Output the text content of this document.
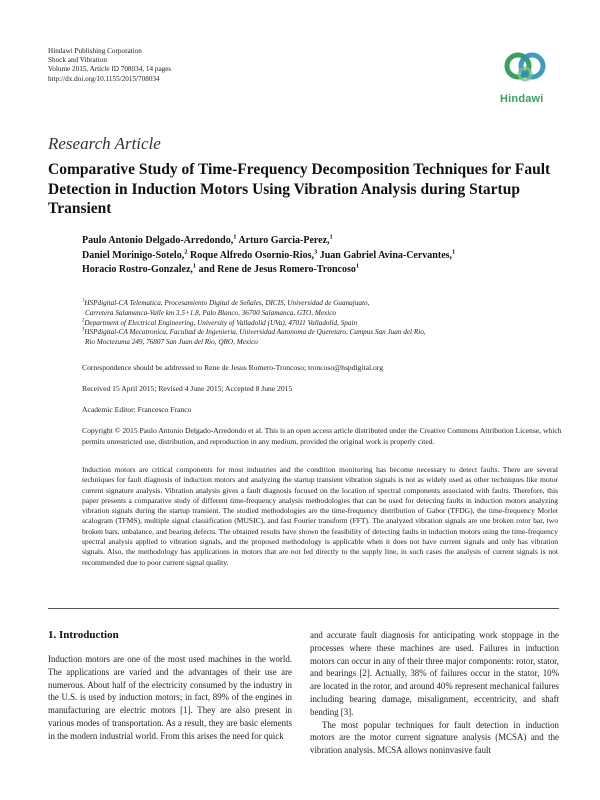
Hindawi Publishing Corporation
Shock and Vibration
Volume 2015, Article ID 708034, 14 pages
http://dx.doi.org/10.1155/2015/708034
Hindawi
Research Article
Comparative Study of Time-Frequency Decomposition Techniques for Fault Detection in Induction Motors Using Vibration Analysis during Startup Transient

Paulo Antonio Delgado-Arredondo,$^1$ Arturo Garcia-Perez,$^1$

Daniel Morinigo-Sotelo,$^2$ Roque Alfredo Osornio-Rios,$^3$ Juan Gabriel Avina-Cervantes,$^1$

Horacio Rostro-Gonzalez,$^1$ and Rene de Jesus Romero-Troncoso$^1$

$^1$HSPdigital-CA Telematica, Procesamiento Digital de Señales, DICIS, Universidad de Guanajuato,

Carretera Salamanca-Valle km 3.5+1.8, Palo Blanco, 36700 Salamanca, GTO, Mexico

$^2$Department of Electrical Engineering, University of Valladolid (UVa), 47011 Valladolid, Spain

$^3$HSPdigital-CA Mecatronica, Facultad de Ingenieria, Universidad Autonoma de Queretaro, Campus San Juan del Rio,

Rio Moctezuma 249, 76807 San Juan del Rio, QRO, Mexico

Correspondence should be addressed to Rene de Jesus Romero-Troncoso; troncoso@hspdigital.org
Received 15 April 2015; Revised 4 June 2015; Accepted 8 June 2015
Academic Editor: Francesco Franco
Copyright © 2015 Paulo Antonio Delgado-Arredondo et al. This is an open access article distributed under the Creative Commons Attribution License, which permits unrestricted use, distribution, and reproduction in any medium, provided the original work is properly cited.
Induction motors are critical components for most industries and the condition monitoring has become necessary to detect faults. There are several techniques for fault diagnosis of induction motors and analyzing the startup transient vibration signals is not as widely used as other techniques like motor current signature analysis. Vibration analysis gives a fault diagnosis focused on the location of spectral components associated with faults. Therefore, this paper presents a comparative study of different time-frequency analysis methodologies that can be used for detecting faults in induction motors analyzing vibration signals during the startup transient. The studied methodologies are the time-frequency distribution of Gabor (TFDG), the time-frequency Morlet scalogram (TFMS), multiple signal classification (MUSIC), and fast Fourier transform (FFT). The analyzed vibration signals are one broken rotor bar, two broken bars, unbalance, and bearing defects. The obtained results have shown the feasibility of detecting faults in induction motors using the time-frequency spectral analysis applied to vibration signals, and the proposed methodology is applicable when it does not have current signals and only has vibration signals. Also, the methodology has applications in motors that are not fed directly to the supply line, in such cases the analysis of current signals is not recommended due to poor current signal quality.
1. Introduction

Induction motors are one of the most used machines in the world. The applications are varied and the advantages of their use are numerous. About half of the electricity consumed by the industry in the U.S. is used by induction motors; in fact, 89% of the engines in manufacturing are electric motors [1]. They are also present in various modes of transportation. As a result, they are basic elements in the modern industrial world. From this arises the need for quick

and accurate fault diagnosis for anticipating work stoppage in the processes where these machines are used. Failures in induction motors can occur in any of their three major components: rotor, stator, and bearings [2]. Actually, 38% of failures occur in the stator, 10% are located in the rotor, and around 40% represent mechanical failures including bearing damage, misalignment, eccentricity, and shaft bending [3].

The most popular techniques for fault detection in induction motors are the motor current signature analysis (MCSA) and the vibration analysis. MCSA allows noninvasive fault
